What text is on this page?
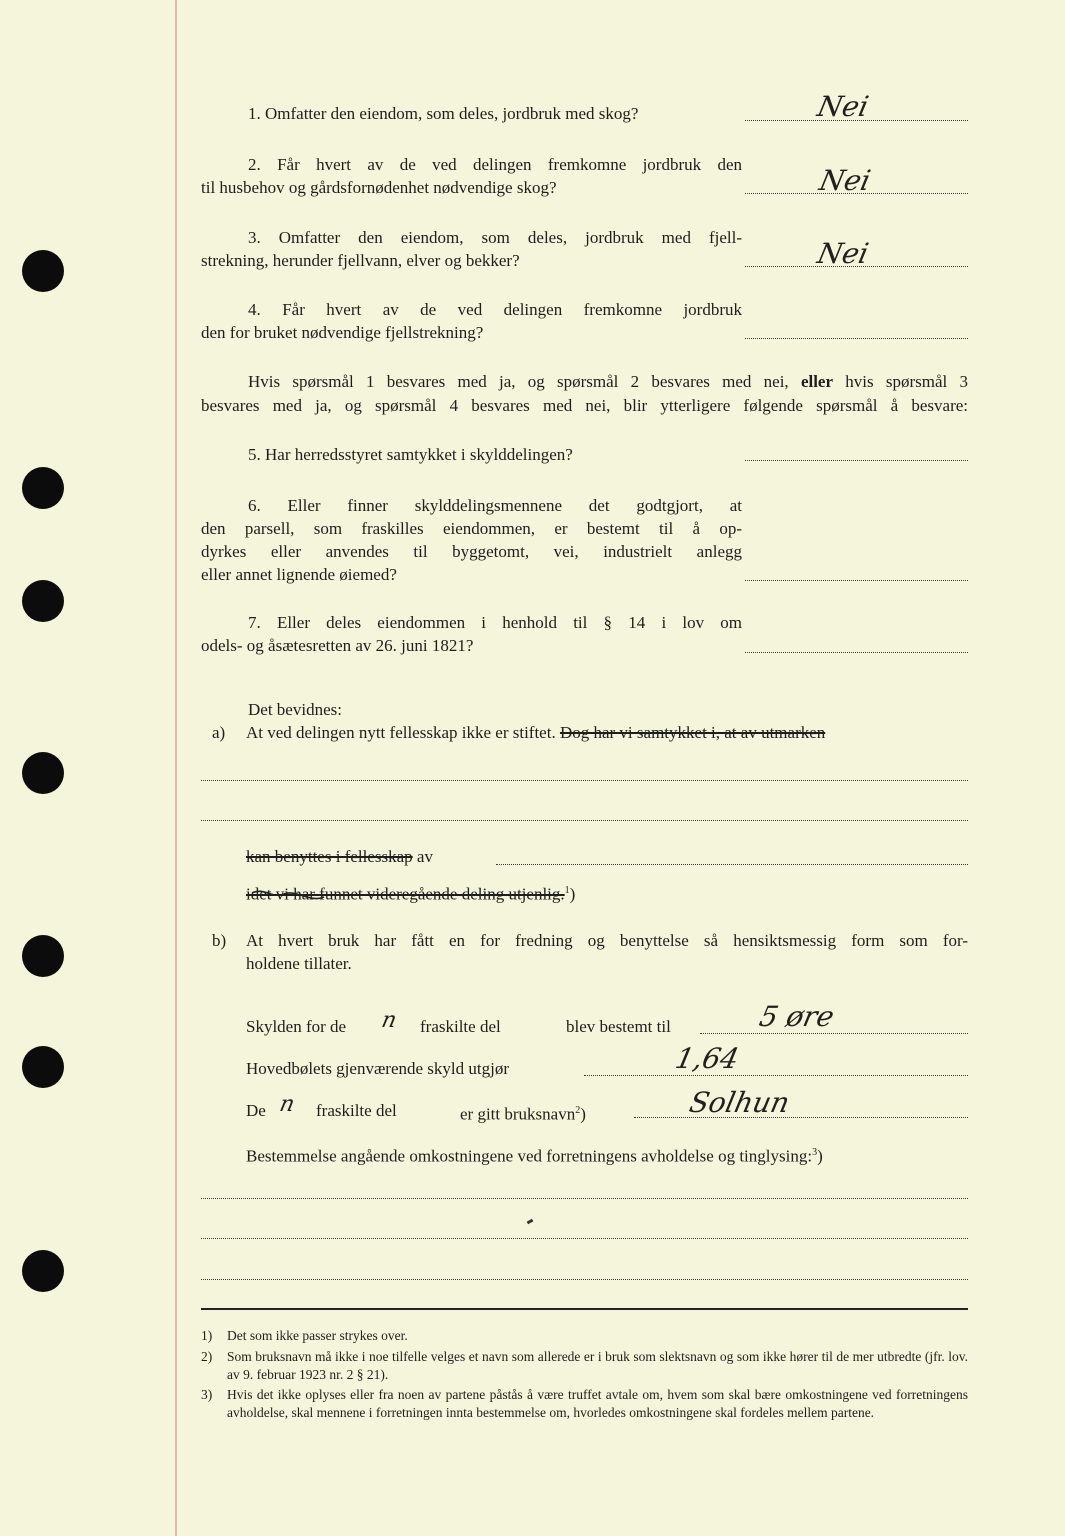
1. Omfatter den eiendom, som deles, jordbruk med skog?	Nei
2. Får hvert av de ved delingen fremkomne jordbruk den
til husbehov og gårdsfornødenhet nødvendige skog?	Nei
3. Omfatter den eiendom, som deles, jordbruk med fjell-
strekning, herunder fjellvann, elver og bekker?	Nei
4. Får hvert av de ved delingen fremkomne jordbruk
den for bruket nødvendige fjellstrekning?
Hvis spørsmål 1 besvares med ja, og spørsmål 2 besvares med nei, eller hvis spørsmål 3
besvares med ja, og spørsmål 4 besvares med nei, blir ytterligere følgende spørsmål å besvare:
5. Har herredsstyret samtykket i skylddelingen?
6. Eller finner skylddelingsmennene det godtgjort, at
den parsell, som fraskilles eiendommen, er bestemt til å op-
dyrkes eller anvendes til byggetomt, vei, industrielt anlegg
eller annet lignende øiemed?
7. Eller deles eiendommen i henhold til § 14 i lov om
odels- og åsætesretten av 26. juni 1821?
Det bevidnes:
a) At ved delingen nytt fellesskap ikke er stiftet. Dog har vi samtykket i, at av utmarken
kan benyttes i fellesskap av
idet vi har funnet videregående deling utjenlig.$^1$)
b) At hvert bruk har fått en for fredning og benyttelse så hensiktsmessig form som for-
holdene tillater.
Skylden for de n fraskilte del	blev bestemt til	5 øre
Hovedbølets gjenværende skyld utgjør	1,64
De n fraskilte del	er gitt bruksnavn$^2$)	Solhun
Bestemmelse angående omkostningene ved forretningens avholdelse og tinglysing:$^3$)
1) Det som ikke passer strykes over.
2) Som bruksnavn må ikke i noe tilfelle velges et navn som allerede er i bruk som slektsnavn og som ikke hører til de mer utbredte (jfr. lov. av 9. februar 1923 nr. 2 § 21).
3) Hvis det ikke oplyses eller fra noen av partene påstås å være truffet avtale om, hvem som skal bære omkostningene ved forretningens avholdelse, skal mennene i forretningen innta bestemmelse om, hvorledes omkostningene skal fordeles mellem partene.
